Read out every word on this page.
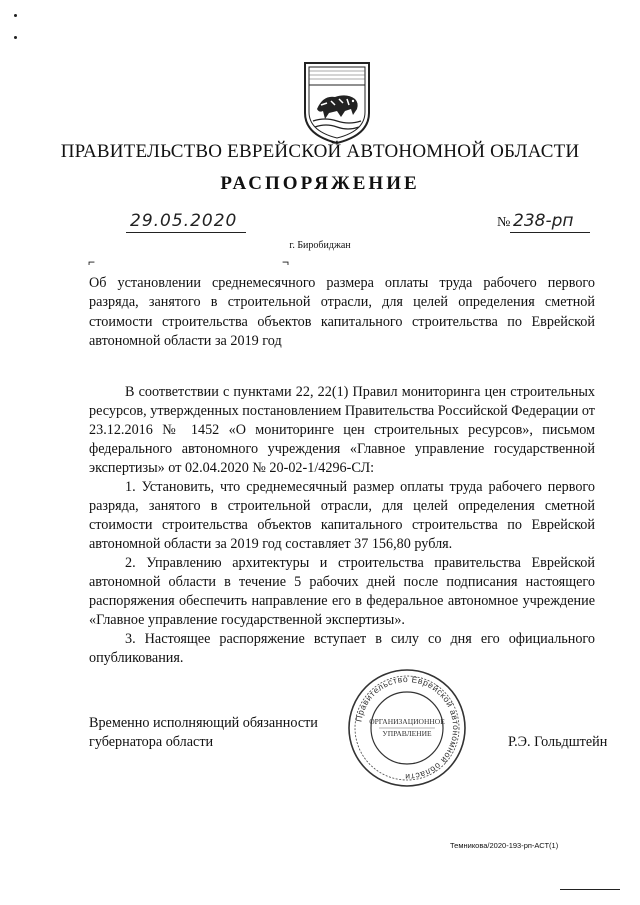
ПРАВИТЕЛЬСТВО ЕВРЕЙСКОЙ АВТОНОМНОЙ ОБЛАСТИ
РАСПОРЯЖЕНИЕ
29.05.2020	№ 238-рп
г. Биробиджан
⌐	¬
Об установлении среднемесячного размера оплаты труда рабочего первого разряда, занятого в строительной отрасли, для целей определения сметной стоимости строительства объектов капитального строительства по Еврейской автономной области за 2019 год

В соответствии с пунктами 22, 22(1) Правил мониторинга цен строительных ресурсов, утвержденных постановлением Правительства Российской Федерации от 23.12.2016 № 1452 «О мониторинге цен строительных ресурсов», письмом федерального автономного учреждения «Главное управление государственной экспертизы» от 02.04.2020 № 20-02-1/4296-СЛ:

1. Установить, что среднемесячный размер оплаты труда рабочего первого разряда, занятого в строительной отрасли, для целей определения сметной стоимости строительства объектов капитального строительства по Еврейской автономной области за 2019 год составляет 37 156,80 рубля.

2. Управлению архитектуры и строительства правительства Еврейской автономной области в течение 5 рабочих дней после подписания настоящего распоряжения обеспечить направление его в федеральное автономное учреждение «Главное управление государственной экспертизы».

3. Настоящее распоряжение вступает в силу со дня его официального опубликования.

Правительство Еврейской автономной области
ОРГАНИЗАЦИОННОЕ
УПРАВЛЕНИЕ
Временно исполняющий обязанности губернатора области	Р.Э. Гольдштейн
Темникова/2020-193-рп-АСТ(1)
